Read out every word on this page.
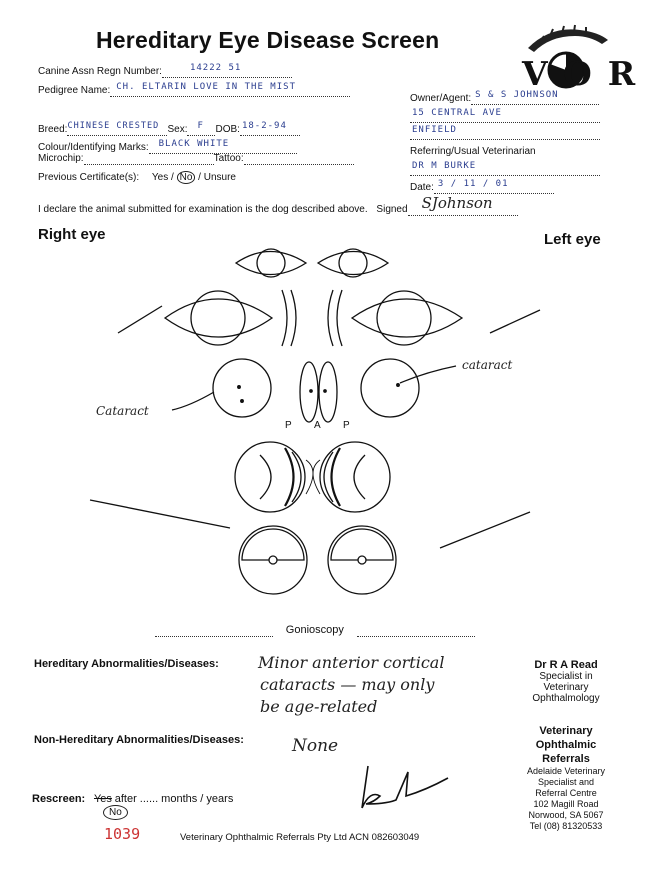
Hereditary Eye Disease Screen
VOR
Canine Assn Regn Number:	14222 51

Pedigree Name: CH. ELTARIN LOVE IN THE MIST

Breed: CHINESE CRESTED Sex: F DOB: 18-2-94

Colour/Identifying Marks: BLACK WHITE

Microchip:	Tattoo:
Previous Certificate(s): Yes / No / Unsure
Owner/Agent: S & S JOHNSON

15 CENTRAL AVE

ENFIELD

Referring/Usual Veterinarian
DR M BURKE

Date: 3 / 11 / 01

I declare the animal submitted for examination is the dog described above. Signed SJohnson

Right eye	Left eye
Cataract
cataract
P A P
Gonioscopy
Hereditary Abnormalities/Diseases: Minor anterior cortical
cataracts — may only
be age-related
Non-Hereditary Abnormalities/Diseases:	None
Rescreen: Yes after ...... months / years
No
1039
Dr R A Read
Specialist in
Veterinary
Ophthalmology
Veterinary
Ophthalmic
Referrals
Adelaide Veterinary
Specialist and
Referral Centre
102 Magill Road
Norwood, SA 5067
Tel (08) 81320533
Veterinary Ophthalmic Referrals Pty Ltd ACN 082603049
